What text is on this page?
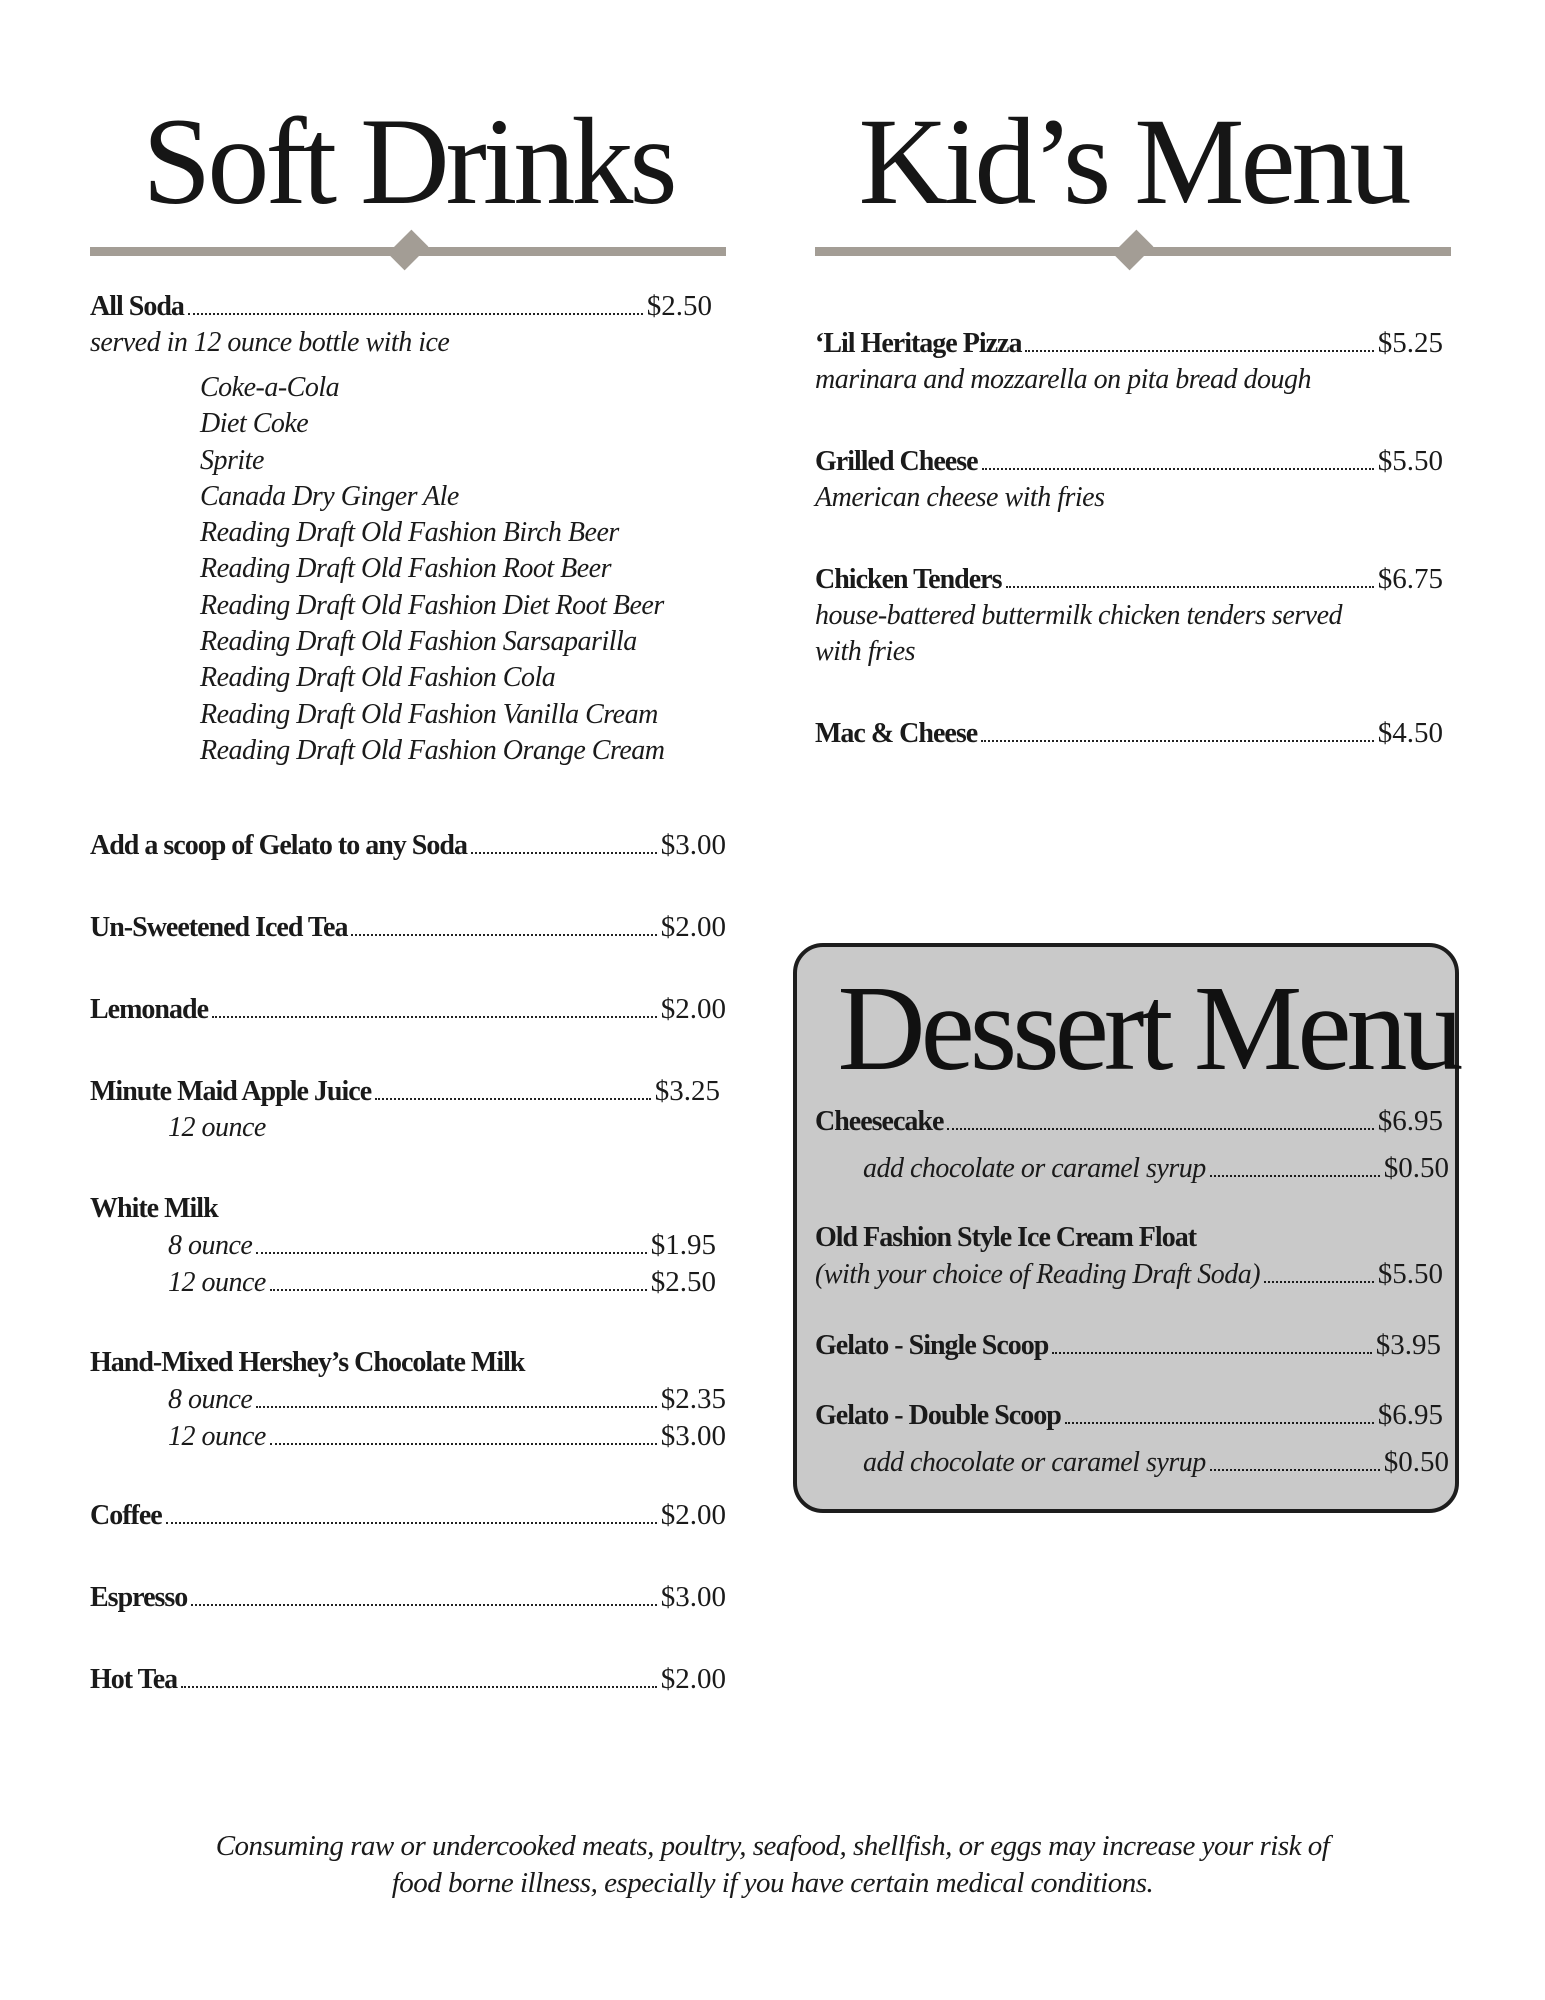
Soft Drinks
All Soda	$2.50
served in 12 ounce bottle with ice
Coke-a-Cola
Diet Coke
Sprite
Canada Dry Ginger Ale
Reading Draft Old Fashion Birch Beer
Reading Draft Old Fashion Root Beer
Reading Draft Old Fashion Diet Root Beer
Reading Draft Old Fashion Sarsaparilla
Reading Draft Old Fashion Cola
Reading Draft Old Fashion Vanilla Cream
Reading Draft Old Fashion Orange Cream
Add a scoop of Gelato to any Soda	$3.00
Un-Sweetened Iced Tea	$2.00
Lemonade	$2.00
Minute Maid Apple Juice	$3.25
12 ounce
White Milk
8 ounce	$1.95
12 ounce	$2.50
Hand-Mixed Hershey’s Chocolate Milk
8 ounce	$2.35
12 ounce	$3.00
Coffee	$2.00
Espresso	$3.00
Hot Tea	$2.00
Kid’s Menu
‘Lil Heritage Pizza	$5.25
marinara and mozzarella on pita bread dough
Grilled Cheese	$5.50
American cheese with fries
Chicken Tenders	$6.75
house-battered buttermilk chicken tenders served
with fries
Mac & Cheese	$4.50
Dessert Menu
Cheesecake	$6.95
add chocolate or caramel syrup	$0.50
Old Fashion Style Ice Cream Float
(with your choice of Reading Draft Soda)	$5.50
Gelato - Single Scoop	$3.95
Gelato - Double Scoop	$6.95
add chocolate or caramel syrup	$0.50
Consuming raw or undercooked meats, poultry, seafood, shellfish, or eggs may increase your risk of
food borne illness, especially if you have certain medical conditions.
